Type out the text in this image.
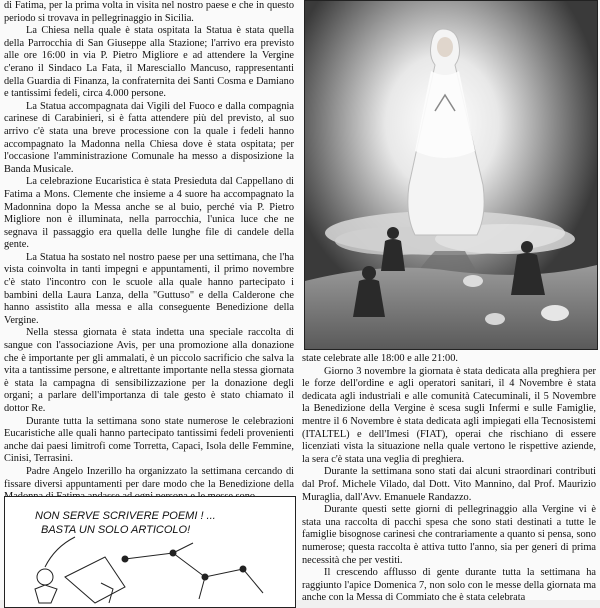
di Fatima, per la prima volta in visita nel nostro paese e che in questo periodo si trovava in pellegrinaggio in Sicilia.

La Chiesa nella quale è stata ospitata la Statua è stata quella della Parrocchia di San Giuseppe alla Stazione; l'arrivo era previsto alle ore 16:00 in via P. Pietro Migliore e ad attendere la Vergine c'erano il Sindaco La Fata, il Maresciallo Mancuso, rappresentanti della Guardia di Finanza, la confraternita dei Santi Cosma e Damiano e tantissimi fedeli, circa 4.000 persone.

La Statua accompagnata dai Vigili del Fuoco e dalla compagnia carinese di Carabinieri, si è fatta attendere più del previsto, al suo arrivo c'è stata una breve processione con la quale i fedeli hanno accompagnato la Madonna nella Chiesa dove è stata ospitata; per l'occasione l'amministrazione Comunale ha messo a disposizione la Banda Musicale.

La celebrazione Eucaristica è stata Presieduta dal Cappellano di Fatima a Mons. Clemente che insieme a 4 suore ha accompagnato la Madonnina dopo la Messa anche se al buio, perché via P. Pietro Migliore non è illuminata, nella parrocchia, l'unica luce che ne segnava il passaggio era quella delle lunghe file di candele della gente.

La Statua ha sostato nel nostro paese per una settimana, che l'ha vista coinvolta in tanti impegni e appuntamenti, il primo novembre c'è stato l'incontro con le scuole alla quale hanno partecipato i bambini della Laura Lanza, della "Guttuso" e della Calderone che hanno assistito alla messa e alla conseguente Benedizione della Vergine.

Nella stessa giornata è stata indetta una speciale raccolta di sangue con l'associazione Avis, per una promozione alla donazione che è importante per gli ammalati, è un piccolo sacrificio che salva la vita a tantissime persone, e altrettante importante nella stessa giornata è stata la campagna di sensibilizzazione per la donazione degli organi; a parlare dell'importanza di tale gesto è stato chiamato il dottor Re.

Durante tutta la settimana sono state numerose le celebrazioni Eucaristiche alle quali hanno partecipato tantissimi fedeli provenienti anche dai paesi limitrofi come Torretta, Capaci, Isola delle Femmine, Cinisi, Terrasini.

Padre Angelo Inzerillo ha organizzato la settimana cercando di fissare diversi appuntamenti per dare modo che la Benedizione della

state celebrate alle 18:00 e alle 21:00.

Giorno 3 novembre la giornata è stata dedicata alla preghiera per le forze dell'ordine e agli operatori sanitari, il 4 Novembre è stata dedicata agli industriali e alle comunità Catecuminali, il 5 Novembre la Benedizione della Vergine è scesa sugli Infermi e sulle Famiglie, mentre il 6 Novembre è stata dedicata agli impiegati ella Tecnosistemi (ITALTEL) e dell'Imesi (FIAT), operai che rischiano di essere licenziati vista la situazione nella quale vertono le rispettive aziende, la sera c'è stata una veglia di preghiera.

Durante la settimana sono stati dai alcuni straordinari contributi dal Prof. Michele Vilado, dal Dott. Vito Mannino, dal Prof. Maurizio Muraglia, dall'Avv. Emanuele Randazzo.

Durante questi sette giorni di pellegrinaggio alla Vergine vi è stata una raccolta di pacchi spesa che sono stati destinati a tutte le famiglie bisognose carinesi che contrariamente a quanto si pensa, sono numerose; questa raccolta è attiva tutto l'anno, sia per generi di prima necessità che per vestiti.

Il crescendo afflusso di gente durante tutta la settimana ha raggiunto l'apice Domenica 7, non solo con le messe della giornata ma anche con la Messa di Commiato che è stata celebrata

NON SERVE SCRIVERE POEMI ! ...
BASTA UN SOLO ARTICOLO!
